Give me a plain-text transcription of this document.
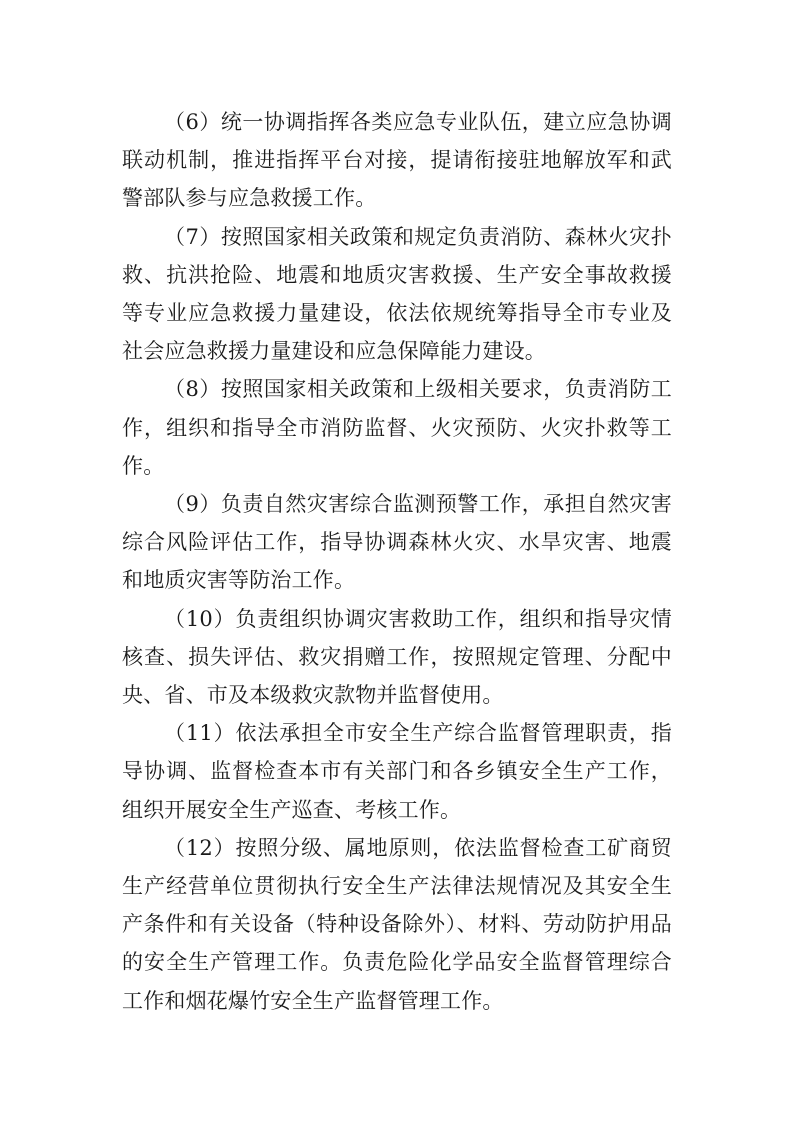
（6）统一协调指挥各类应急专业队伍，建立应急协调联动机制，推进指挥平台对接，提请衔接驻地解放军和武警部队参与应急救援工作。

（7）按照国家相关政策和规定负责消防、森林火灾扑救、抗洪抢险、地震和地质灾害救援、生产安全事故救援等专业应急救援力量建设，依法依规统筹指导全市专业及社会应急救援力量建设和应急保障能力建设。

（8）按照国家相关政策和上级相关要求，负责消防工作，组织和指导全市消防监督、火灾预防、火灾扑救等工作。

（9）负责自然灾害综合监测预警工作，承担自然灾害综合风险评估工作，指导协调森林火灾、水旱灾害、地震和地质灾害等防治工作。

（10）负责组织协调灾害救助工作，组织和指导灾情核查、损失评估、救灾捐赠工作，按照规定管理、分配中央、省、市及本级救灾款物并监督使用。

（11）依法承担全市安全生产综合监督管理职责，指导协调、监督检查本市有关部门和各乡镇安全生产工作，组织开展安全生产巡查、考核工作。

（12）按照分级、属地原则，依法监督检查工矿商贸生产经营单位贯彻执行安全生产法律法规情况及其安全生产条件和有关设备（特种设备除外）、材料、劳动防护用品的安全生产管理工作。负责危险化学品安全监督管理综合工作和烟花爆竹安全生产监督管理工作。
